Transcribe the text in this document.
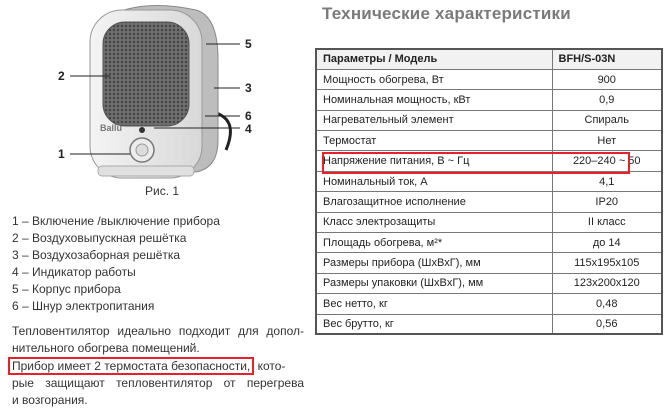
Ballu
2
5
3
6
4
1
Рис. 1
1 – Включение /выключение прибора
2 – Воздуховыпускная решётка
3 – Воздухозаборная решётка
4 – Индикатор работы
5 – Корпус прибора
6 – Шнур электропитания
Тепловентилятор идеально подходит для допол-
нительного обогрева помещений.
Прибор имеет 2 термостата безопасности, кото-
рые защищают тепловентилятор от перегрева
и возгорания.
Технические характеристики
Параметры / Модель	BFH/S-03N
Мощность обогрева, Вт	900
Номинальная мощность, кВт	0,9
Нагревательный элемент	Спираль
Термостат	Нет
Напряжение питания, В ~ Гц	220–240 ~ 50
Номинальный ток, А	4,1
Влагозащитное исполнение	IP20
Класс электрозащиты	II класс
Площадь обогрева, м²*	до 14
Размеры прибора (ШxВxГ), мм	115x195x105
Размеры упаковки (ШxВxГ), мм	123x200x120
Вес нетто, кг	0,48
Вес брутто, кг	0,56
